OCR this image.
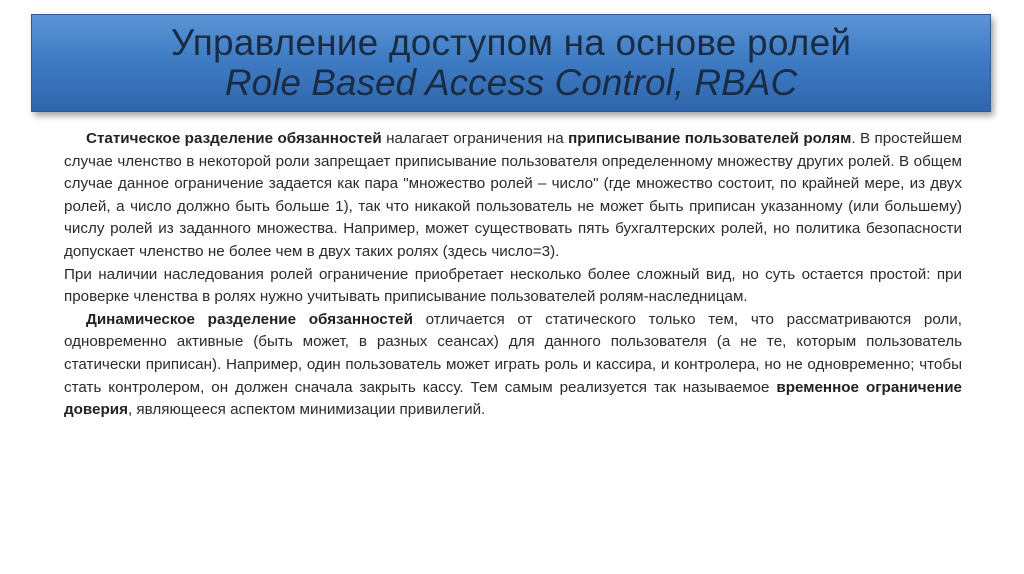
Управление доступом на основе ролей
Role Based Access Control, RBAC

Статическое разделение обязанностей налагает ограничения на приписывание пользователей ролям. В простейшем случае членство в некоторой роли запрещает приписывание пользователя определенному множеству других ролей. В общем случае данное ограничение задается как пара "множество ролей – число" (где множество состоит, по крайней мере, из двух ролей, а число должно быть больше 1), так что никакой пользователь не может быть приписан указанному (или большему) числу ролей из заданного множества. Например, может существовать пять бухгалтерских ролей, но политика безопасности допускает членство не более чем в двух таких ролях (здесь число=3).

При наличии наследования ролей ограничение приобретает несколько более сложный вид, но суть остается простой: при проверке членства в ролях нужно учитывать приписывание пользователей ролям-наследницам.

Динамическое разделение обязанностей отличается от статического только тем, что рассматриваются роли, одновременно активные (быть может, в разных сеансах) для данного пользователя (а не те, которым пользователь статически приписан). Например, один пользователь может играть роль и кассира, и контролера, но не одновременно; чтобы стать контролером, он должен сначала закрыть кассу. Тем самым реализуется так называемое временное ограничение доверия, являющееся аспектом минимизации привилегий.
